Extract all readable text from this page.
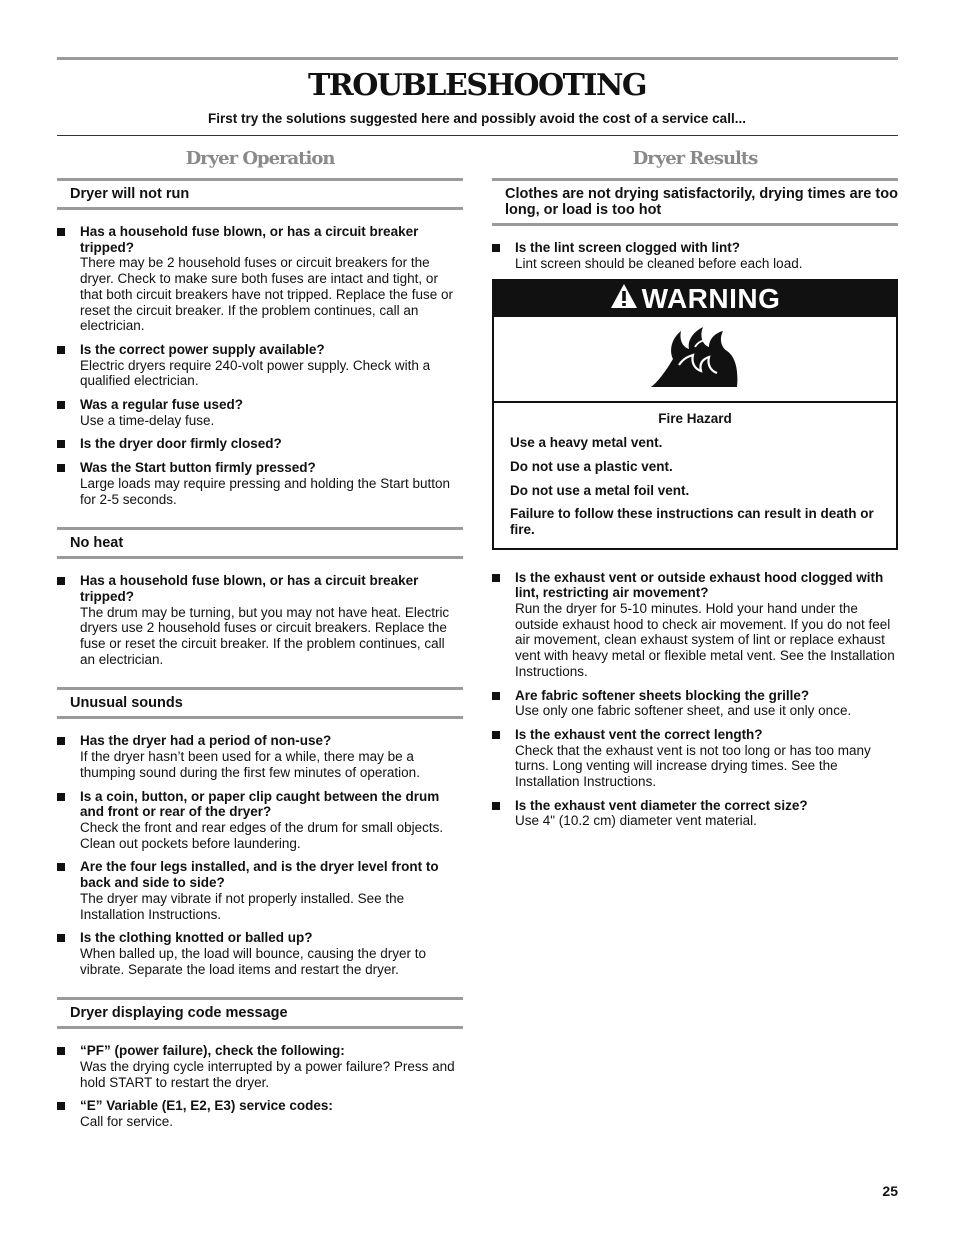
TROUBLESHOOTING

First try the solutions suggested here and possibly avoid the cost of a service call...

Dryer Operation
Dryer will not run
Has a household fuse blown, or has a circuit breaker tripped?
There may be 2 household fuses or circuit breakers for the dryer. Check to make sure both fuses are intact and tight, or that both circuit breakers have not tripped. Replace the fuse or reset the circuit breaker. If the problem continues, call an electrician.
Is the correct power supply available?
Electric dryers require 240-volt power supply. Check with a qualified electrician.
Was a regular fuse used?
Use a time-delay fuse.
Is the dryer door firmly closed?
Was the Start button firmly pressed?
Large loads may require pressing and holding the Start button for 2-5 seconds.
No heat
Has a household fuse blown, or has a circuit breaker tripped?
The drum may be turning, but you may not have heat. Electric dryers use 2 household fuses or circuit breakers. Replace the fuse or reset the circuit breaker. If the problem continues, call an electrician.
Unusual sounds
Has the dryer had a period of non-use?
If the dryer hasn’t been used for a while, there may be a thumping sound during the first few minutes of operation.
Is a coin, button, or paper clip caught between the drum and front or rear of the dryer?
Check the front and rear edges of the drum for small objects. Clean out pockets before laundering.
Are the four legs installed, and is the dryer level front to back and side to side?
The dryer may vibrate if not properly installed. See the Installation Instructions.
Is the clothing knotted or balled up?
When balled up, the load will bounce, causing the dryer to vibrate. Separate the load items and restart the dryer.
Dryer displaying code message
“PF” (power failure), check the following:
Was the drying cycle interrupted by a power failure? Press and hold START to restart the dryer.
“E” Variable (E1, E2, E3) service codes:
Call for service.
Dryer Results
Clothes are not drying satisfactorily, drying times are too long, or load is too hot
Is the lint screen clogged with lint?
Lint screen should be cleaned before each load.
WARNING

Fire Hazard

Use a heavy metal vent.

Do not use a plastic vent.

Do not use a metal foil vent.

Failure to follow these instructions can result in death or fire.

Is the exhaust vent or outside exhaust hood clogged with lint, restricting air movement?
Run the dryer for 5-10 minutes. Hold your hand under the outside exhaust hood to check air movement. If you do not feel air movement, clean exhaust system of lint or replace exhaust vent with heavy metal or flexible metal vent. See the Installation Instructions.
Are fabric softener sheets blocking the grille?
Use only one fabric softener sheet, and use it only once.
Is the exhaust vent the correct length?
Check that the exhaust vent is not too long or has too many turns. Long venting will increase drying times. See the Installation Instructions.
Is the exhaust vent diameter the correct size?
Use 4" (10.2 cm) diameter vent material.
25
